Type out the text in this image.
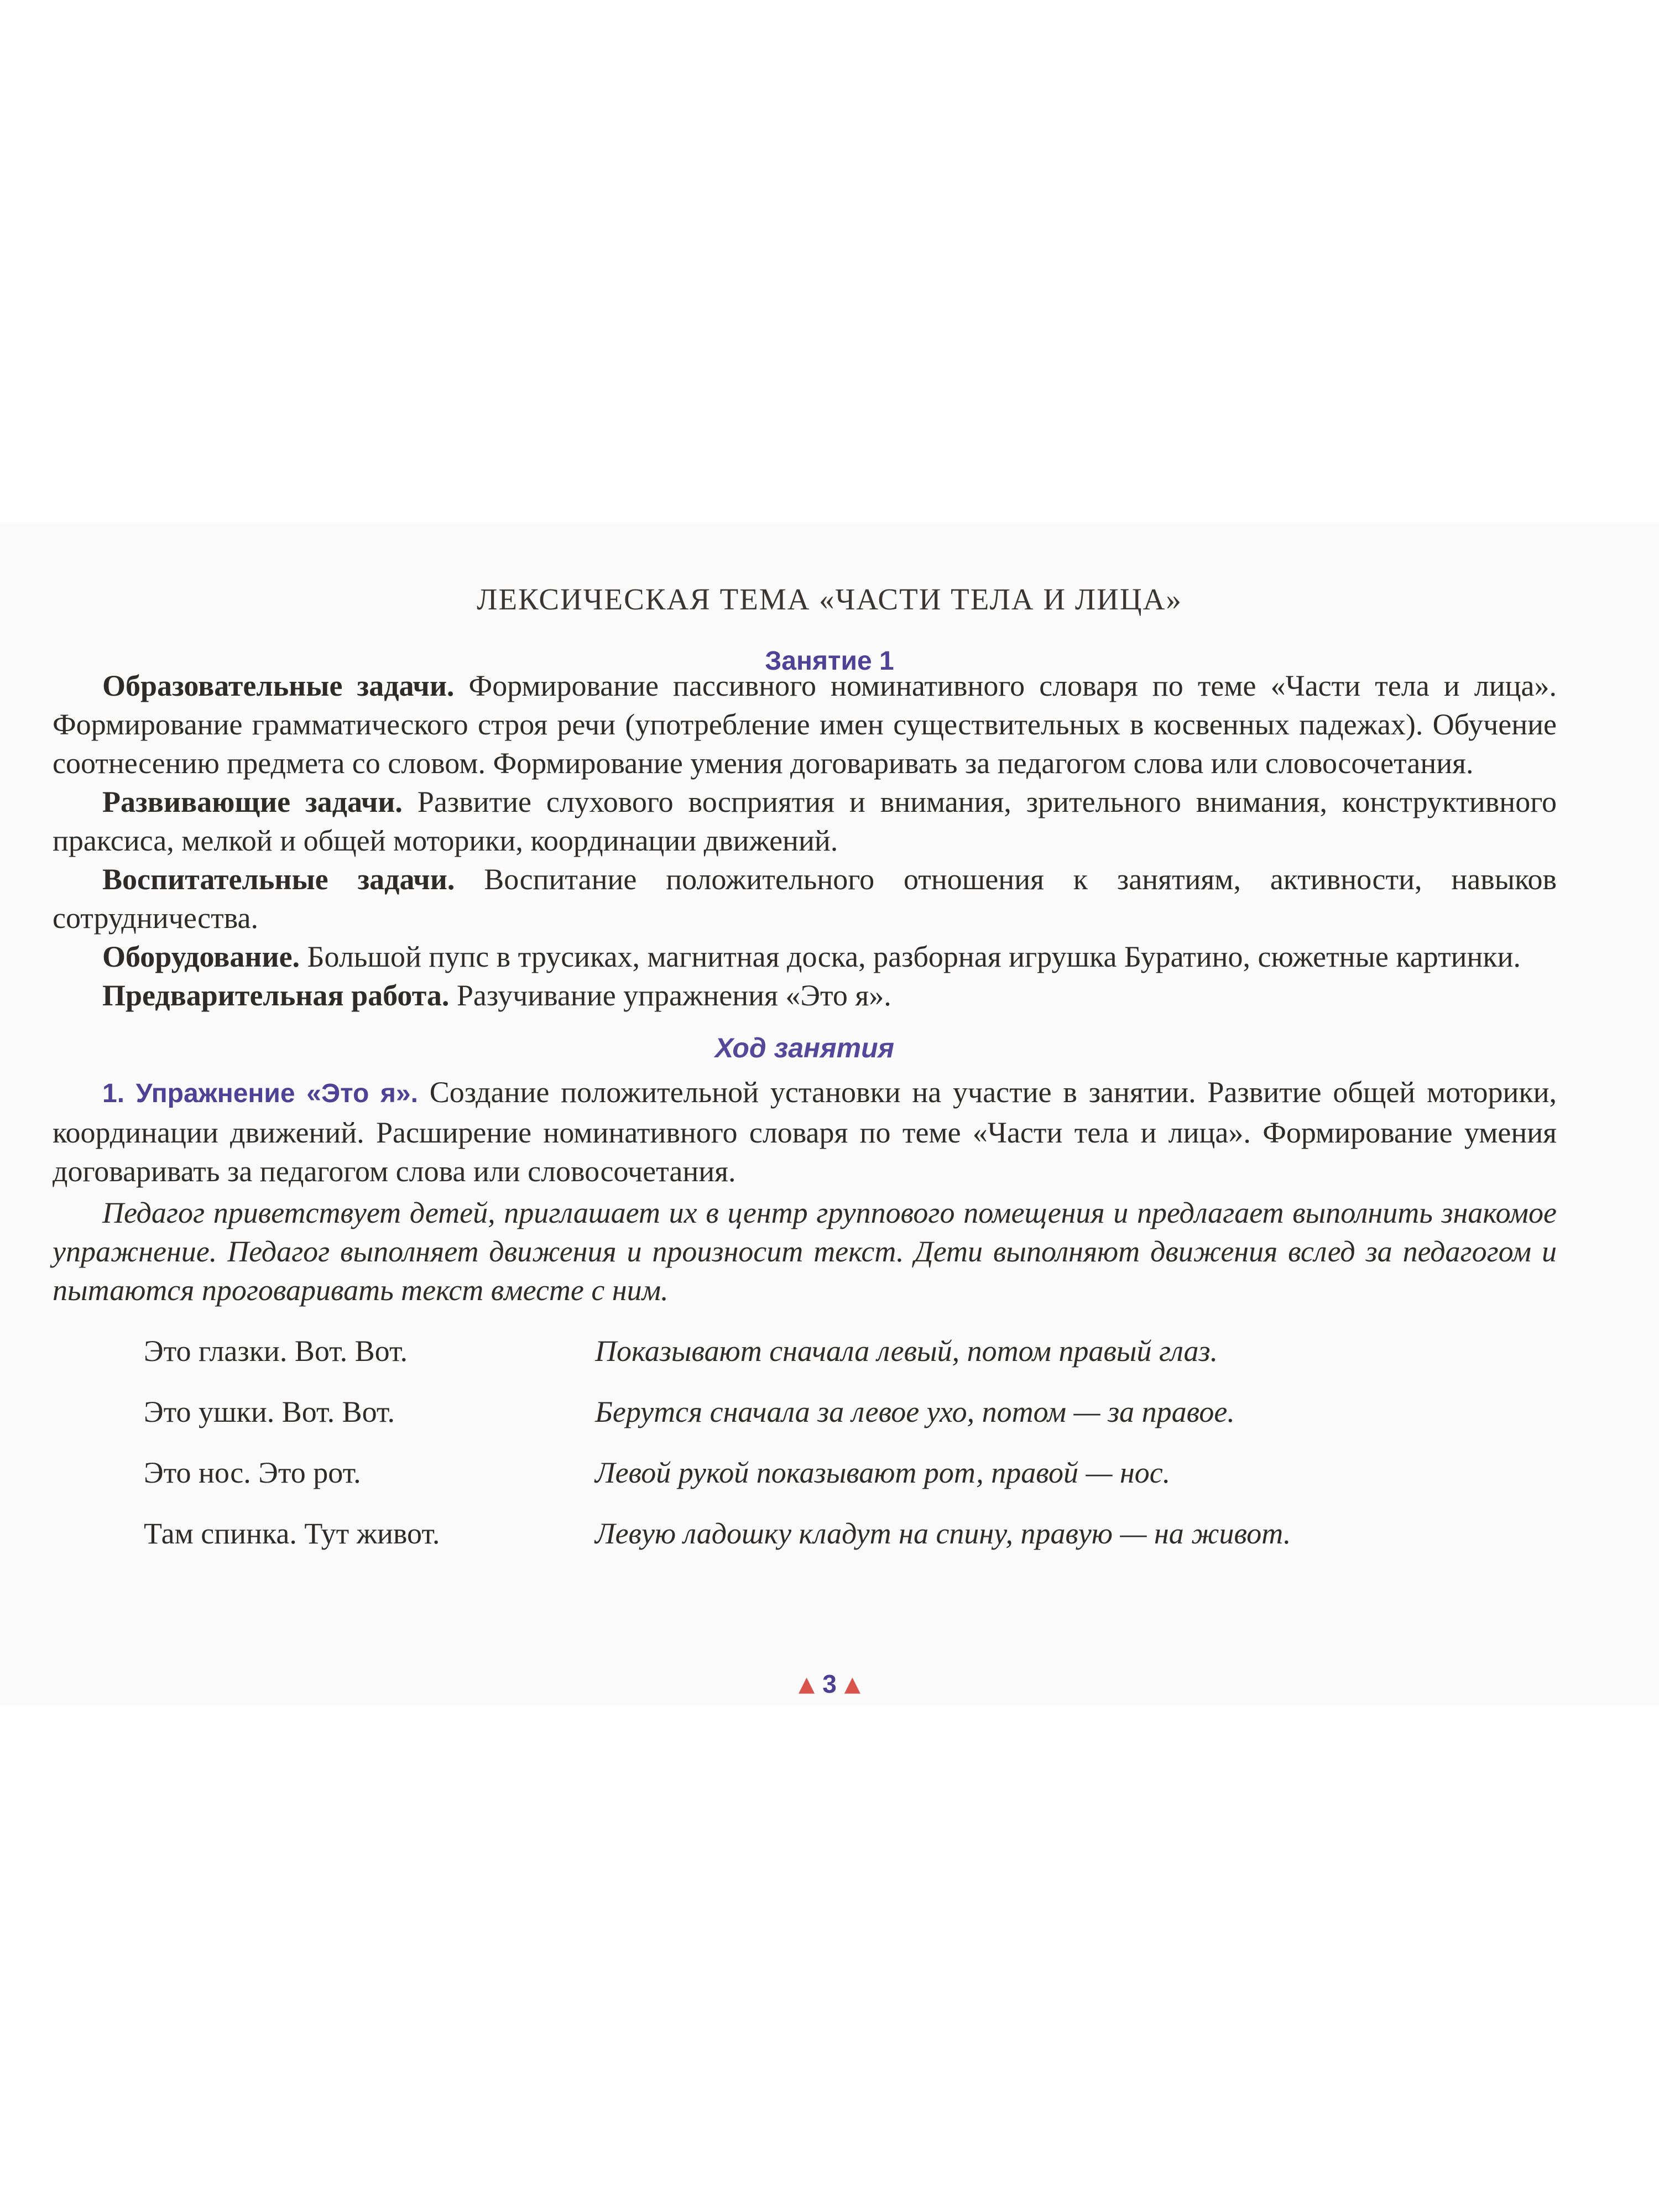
ЛЕКСИЧЕСКАЯ ТЕМА «ЧАСТИ ТЕЛА И ЛИЦА»
Занятие 1

Образовательные задачи. Формирование пассивного номинативного словаря по теме «Части тела и лица». Формирование грамматического строя речи (употребление имен существительных в косвенных падежах). Обучение соотнесению предмета со словом. Формирование умения договаривать за педагогом слова или словосочетания.

Развивающие задачи. Развитие слухового восприятия и внимания, зрительного внимания, конструктивного праксиса, мелкой и общей моторики, координации движений.

Воспитательные задачи. Воспитание положительного отношения к занятиям, активности, навыков сотрудничества.

Оборудование. Большой пупс в трусиках, магнитная доска, разборная игрушка Буратино, сюжетные картинки.

Предварительная работа. Разучивание упражнения «Это я».

Ход занятия

1. Упражнение «Это я». Создание положительной установки на участие в занятии. Развитие общей моторики, координации движений. Расширение номинативного словаря по теме «Части тела и лица». Формирование умения договаривать за педагогом слова или словосочетания.

Педагог приветствует детей, приглашает их в центр группового помещения и предлагает выполнить знакомое упражнение. Педагог выполняет движения и произносит текст. Дети выполняют движения вслед за педагогом и пытаются проговаривать текст вместе с ним.

Это глазки. Вот. Вот.	Показывают сначала левый, потом правый глаз.
Это ушки. Вот. Вот.	Берутся сначала за левое ухо, потом — за правое.
Это нос. Это рот.	Левой рукой показывают рот, правой — нос.
Там спинка. Тут живот.	Левую ладошку кладут на спину, правую — на живот.
▲ 3 ▲
